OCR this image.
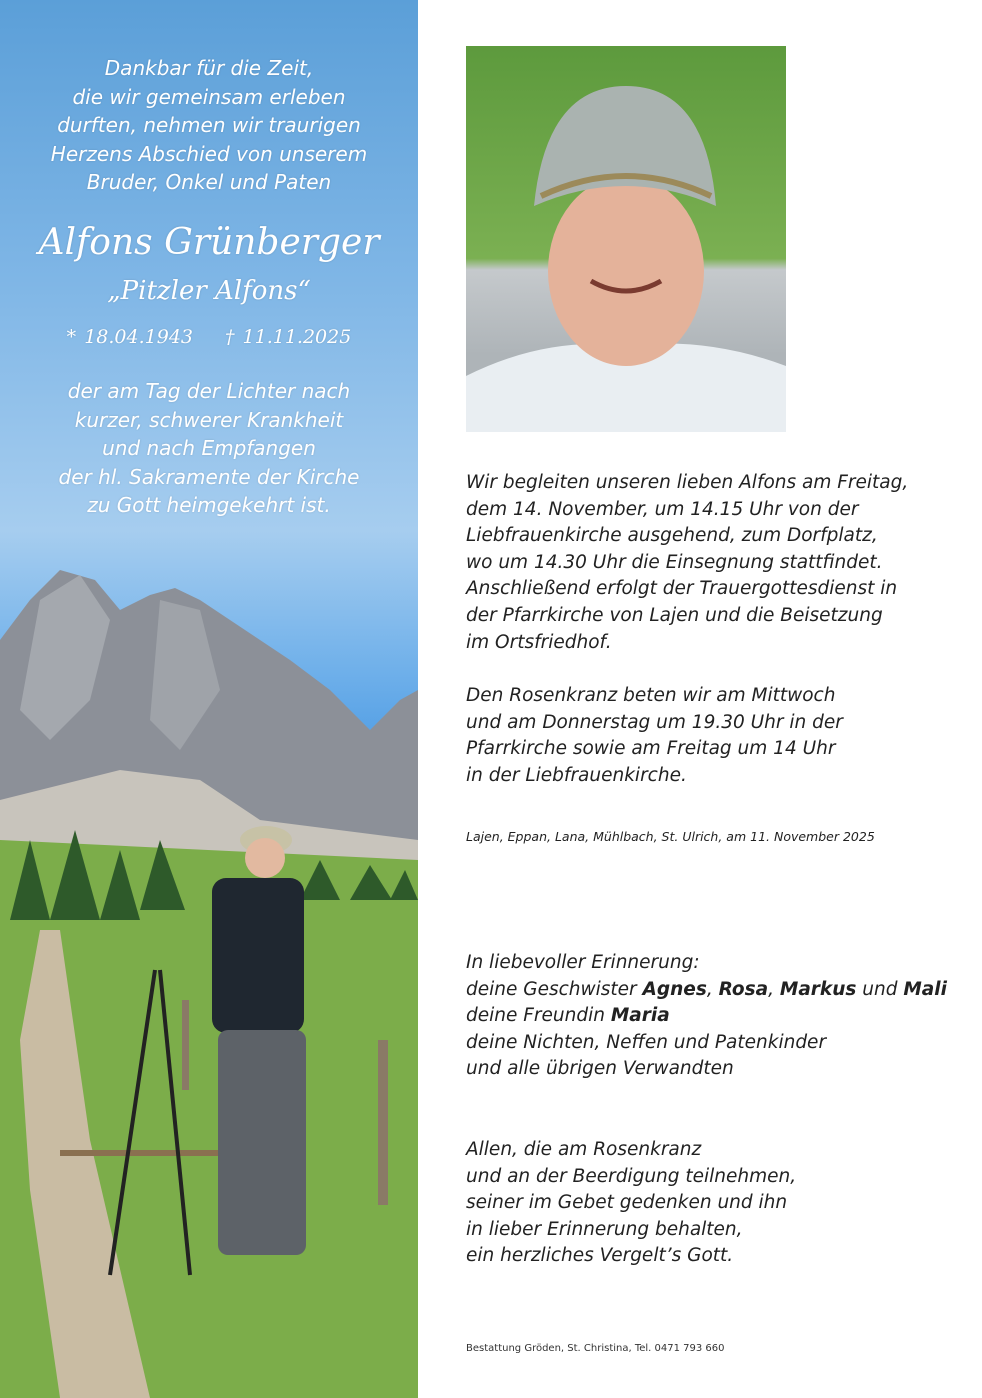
Dankbar für die Zeit,
die wir gemeinsam erleben
durften, nehmen wir traurigen
Herzens Abschied von unserem
Bruder, Onkel und Paten
Alfons Grünberger
„Pitzler Alfons“
* 18.04.1943 † 11.11.2025
der am Tag der Lichter nach
kurzer, schwerer Krankheit
und nach Empfangen
der hl. Sakramente der Kirche
zu Gott heimgekehrt ist.
Wir begleiten unseren lieben Alfons am Freitag,
dem 14. November, um 14.15 Uhr von der
Liebfrauenkirche ausgehend, zum Dorfplatz,
wo um 14.30 Uhr die Einsegnung stattfindet.
Anschließend erfolgt der Trauergottesdienst in
der Pfarrkirche von Lajen und die Beisetzung
im Ortsfriedhof.
Den Rosenkranz beten wir am Mittwoch
und am Donnerstag um 19.30 Uhr in der
Pfarrkirche sowie am Freitag um 14 Uhr
in der Liebfrauenkirche.
Lajen, Eppan, Lana, Mühlbach, St. Ulrich, am 11. November 2025
In liebevoller Erinnerung:
deine Geschwister Agnes, Rosa, Markus und Mali
deine Freundin Maria
deine Nichten, Neffen und Patenkinder
und alle übrigen Verwandten
Allen, die am Rosenkranz
und an der Beerdigung teilnehmen,
seiner im Gebet gedenken und ihn
in lieber Erinnerung behalten,
ein herzliches Vergelt’s Gott.
Bestattung Gröden, St. Christina, Tel. 0471 793 660
